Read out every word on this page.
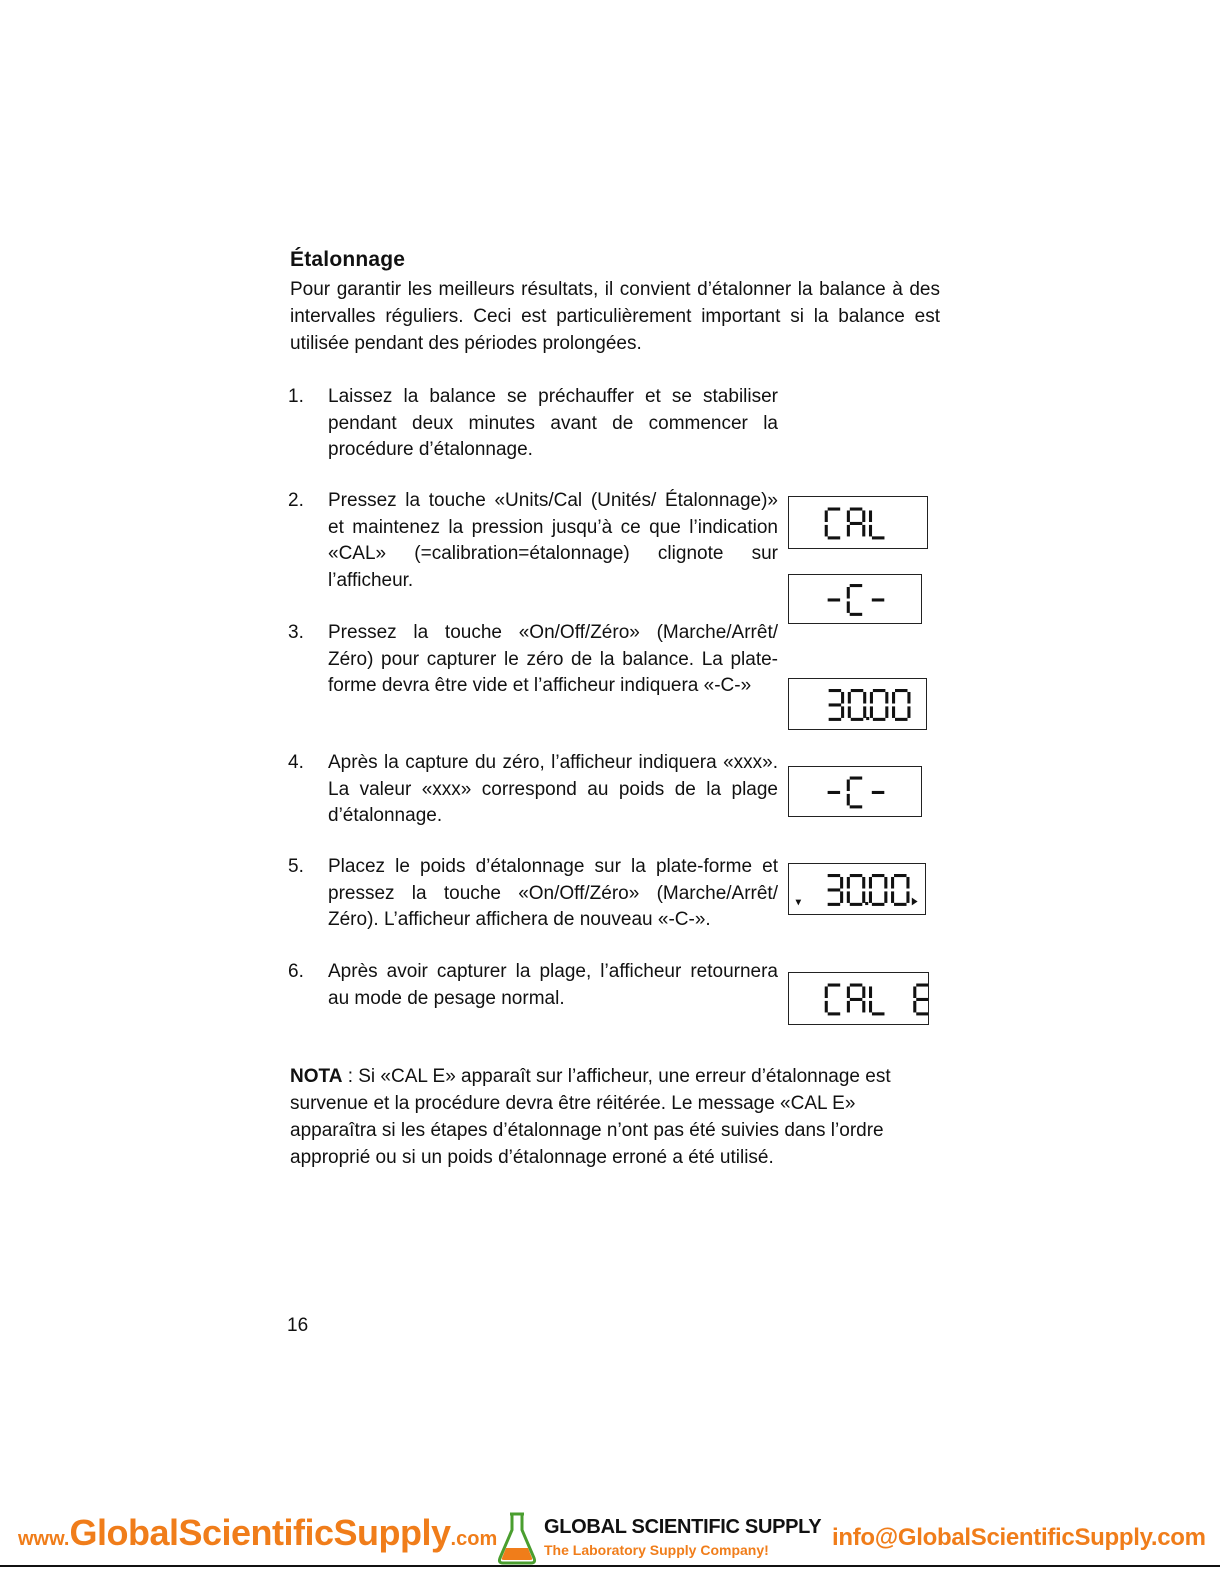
Étalonnage
Pour garantir les meilleurs résultats, il convient d’étalonner la balance à des intervalles réguliers. Ceci est particulièrement important si la balance est utilisée pendant des périodes prolongées.
1.	Laissez la balance se préchauffer et se stabiliser pendant deux minutes avant de commencer la procédure d’étalonnage.
2.	Pressez la touche «Units/Cal (Unités/ Étalonnage)» et maintenez la pression jusqu’à ce que l’indication «CAL» (=calibration=étalonnage) clignote sur l’afficheur.
3.	Pressez la touche «On/Off/Zéro» (Marche/Arrêt/ Zéro) pour capturer le zéro de la balance. La plate-forme devra être vide et l’afficheur indiquera «-C-»
4.	Après la capture du zéro, l’afficheur indiquera «xxx». La valeur «xxx» correspond au poids de la plage d’étalonnage.
5.	Placez le poids d’étalonnage sur la plate-forme et pressez la touche «On/Off/Zéro» (Marche/Arrêt/ Zéro). L’afficheur affichera de nouveau «-C-».
6.	Après avoir capturer la plage, l’afficheur retournera au mode de pesage normal.
NOTA : Si «CAL E» apparaît sur l’afficheur, une erreur d’étalonnage est survenue et la procédure devra être réitérée. Le message «CAL E» apparaîtra si les étapes d’étalonnage n’ont pas été suivies dans l’ordre approprié ou si un poids d’étalonnage erroné a été utilisé.
16
www.GlobalScientificSupply.com
GLOBAL SCIENTIFIC SUPPLY
The Laboratory Supply Company!	info@GlobalScientificSupply.com
